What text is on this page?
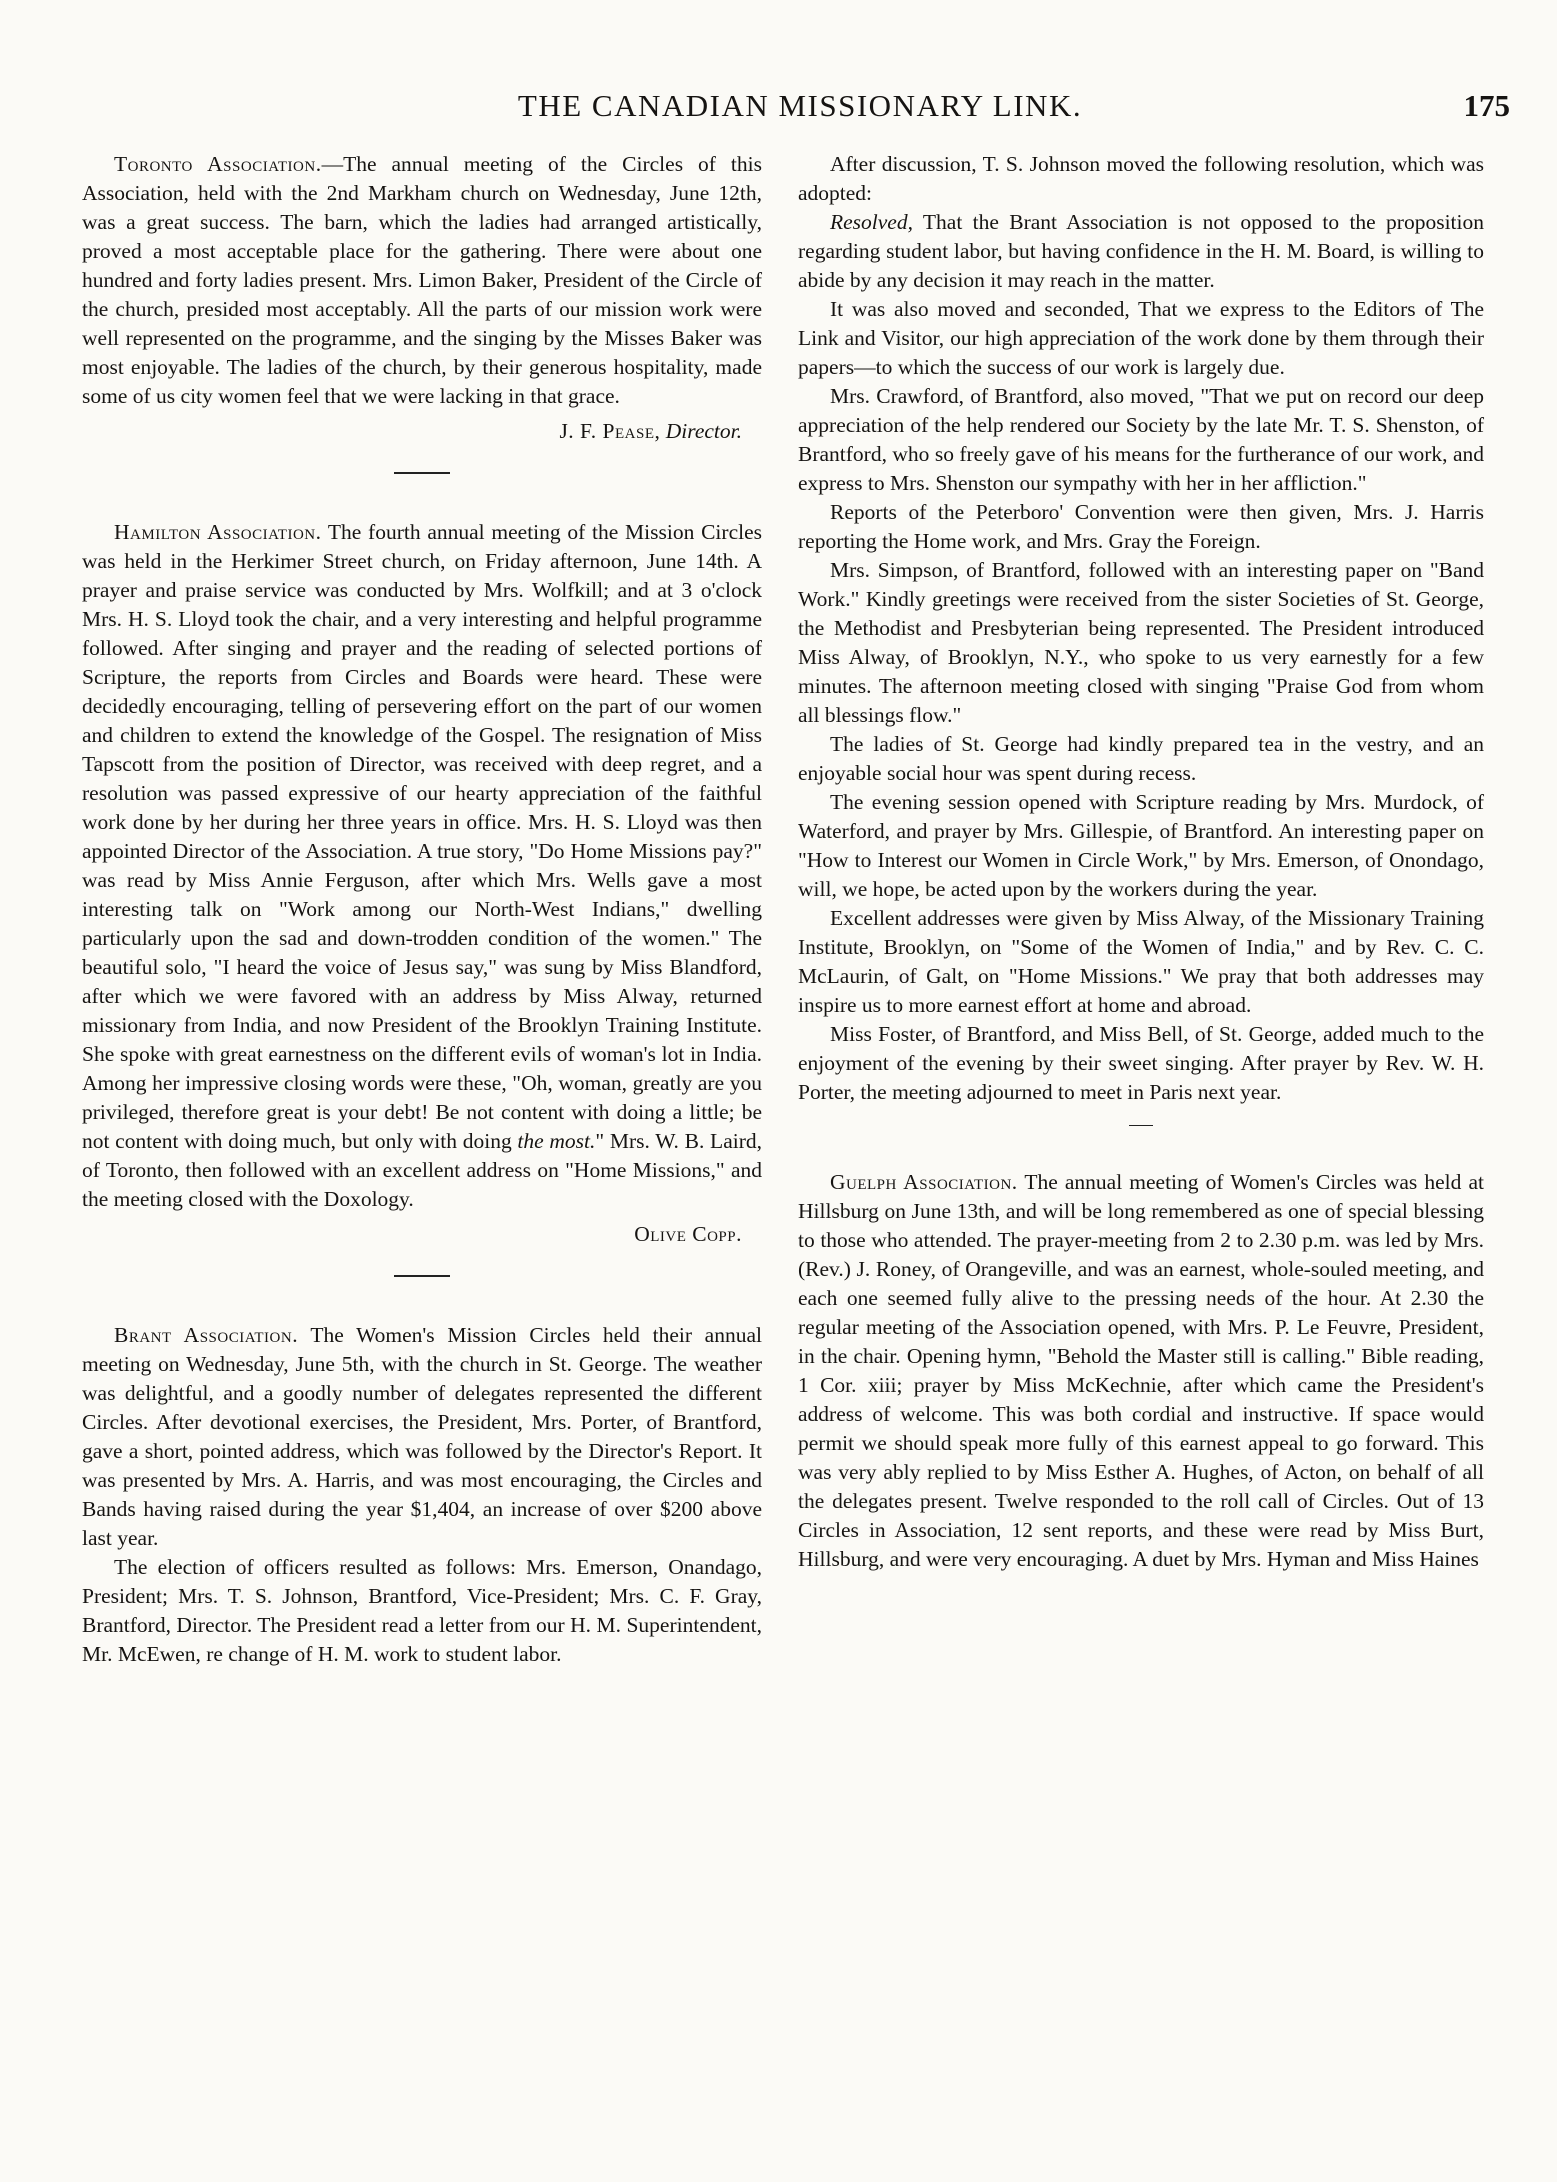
THE CANADIAN MISSIONARY LINK.	175

Toronto Association.—The annual meeting of the Circles of this Association, held with the 2nd Markham church on Wednesday, June 12th, was a great success. The barn, which the ladies had arranged artistically, proved a most acceptable place for the gathering. There were about one hundred and forty ladies present. Mrs. Limon Baker, President of the Circle of the church, presided most acceptably. All the parts of our mission work were well represented on the programme, and the singing by the Misses Baker was most enjoyable. The ladies of the church, by their generous hospitality, made some of us city women feel that we were lacking in that grace.

J. F. Pease, Director.

Hamilton Association. The fourth annual meeting of the Mission Circles was held in the Herkimer Street church, on Friday afternoon, June 14th. A prayer and praise service was conducted by Mrs. Wolfkill; and at 3 o'clock Mrs. H. S. Lloyd took the chair, and a very interesting and helpful programme followed. After singing and prayer and the reading of selected portions of Scripture, the reports from Circles and Boards were heard. These were decidedly encouraging, telling of persevering effort on the part of our women and children to extend the knowledge of the Gospel. The resignation of Miss Tapscott from the position of Director, was received with deep regret, and a resolution was passed expressive of our hearty appreciation of the faithful work done by her during her three years in office. Mrs. H. S. Lloyd was then appointed Director of the Association. A true story, "Do Home Missions pay?" was read by Miss Annie Ferguson, after which Mrs. Wells gave a most interesting talk on "Work among our North-West Indians," dwelling particularly upon the sad and down-trodden condition of the women." The beautiful solo, "I heard the voice of Jesus say," was sung by Miss Blandford, after which we were favored with an address by Miss Alway, returned missionary from India, and now President of the Brooklyn Training Institute. She spoke with great earnestness on the different evils of woman's lot in India. Among her impressive closing words were these, "Oh, woman, greatly are you privileged, therefore great is your debt! Be not content with doing a little; be not content with doing much, but only with doing the most." Mrs. W. B. Laird, of Toronto, then followed with an excellent address on "Home Missions," and the meeting closed with the Doxology.

Olive Copp.

Brant Association. The Women's Mission Circles held their annual meeting on Wednesday, June 5th, with the church in St. George. The weather was delightful, and a goodly number of delegates represented the different Circles. After devotional exercises, the President, Mrs. Porter, of Brantford, gave a short, pointed address, which was followed by the Director's Report. It was presented by Mrs. A. Harris, and was most encouraging, the Circles and Bands having raised during the year $1,404, an increase of over $200 above last year.

The election of officers resulted as follows: Mrs. Emerson, Onandago, President; Mrs. T. S. Johnson, Brantford, Vice-President; Mrs. C. F. Gray, Brantford, Director. The President read a letter from our H. M. Superintendent, Mr. McEwen, re change of H. M. work to student labor.

After discussion, T. S. Johnson moved the following resolution, which was adopted:

Resolved, That the Brant Association is not opposed to the proposition regarding student labor, but having confidence in the H. M. Board, is willing to abide by any decision it may reach in the matter.

It was also moved and seconded, That we express to the Editors of The Link and Visitor, our high appreciation of the work done by them through their papers—to which the success of our work is largely due.

Mrs. Crawford, of Brantford, also moved, "That we put on record our deep appreciation of the help rendered our Society by the late Mr. T. S. Shenston, of Brantford, who so freely gave of his means for the furtherance of our work, and express to Mrs. Shenston our sympathy with her in her affliction."

Reports of the Peterboro' Convention were then given, Mrs. J. Harris reporting the Home work, and Mrs. Gray the Foreign.

Mrs. Simpson, of Brantford, followed with an interesting paper on "Band Work." Kindly greetings were received from the sister Societies of St. George, the Methodist and Presbyterian being represented. The President introduced Miss Alway, of Brooklyn, N.Y., who spoke to us very earnestly for a few minutes. The afternoon meeting closed with singing "Praise God from whom all blessings flow."

The ladies of St. George had kindly prepared tea in the vestry, and an enjoyable social hour was spent during recess.

The evening session opened with Scripture reading by Mrs. Murdock, of Waterford, and prayer by Mrs. Gillespie, of Brantford. An interesting paper on "How to Interest our Women in Circle Work," by Mrs. Emerson, of Onondago, will, we hope, be acted upon by the workers during the year.

Excellent addresses were given by Miss Alway, of the Missionary Training Institute, Brooklyn, on "Some of the Women of India," and by Rev. C. C. McLaurin, of Galt, on "Home Missions." We pray that both addresses may inspire us to more earnest effort at home and abroad.

Miss Foster, of Brantford, and Miss Bell, of St. George, added much to the enjoyment of the evening by their sweet singing. After prayer by Rev. W. H. Porter, the meeting adjourned to meet in Paris next year.

Guelph Association. The annual meeting of Women's Circles was held at Hillsburg on June 13th, and will be long remembered as one of special blessing to those who attended. The prayer-meeting from 2 to 2.30 p.m. was led by Mrs. (Rev.) J. Roney, of Orangeville, and was an earnest, whole-souled meeting, and each one seemed fully alive to the pressing needs of the hour. At 2.30 the regular meeting of the Association opened, with Mrs. P. Le Feuvre, President, in the chair. Opening hymn, "Behold the Master still is calling." Bible reading, 1 Cor. xiii; prayer by Miss McKechnie, after which came the President's address of welcome. This was both cordial and instructive. If space would permit we should speak more fully of this earnest appeal to go forward. This was very ably replied to by Miss Esther A. Hughes, of Acton, on behalf of all the delegates present. Twelve responded to the roll call of Circles. Out of 13 Circles in Association, 12 sent reports, and these were read by Miss Burt, Hillsburg, and were very encouraging. A duet by Mrs. Hyman and Miss Haines
